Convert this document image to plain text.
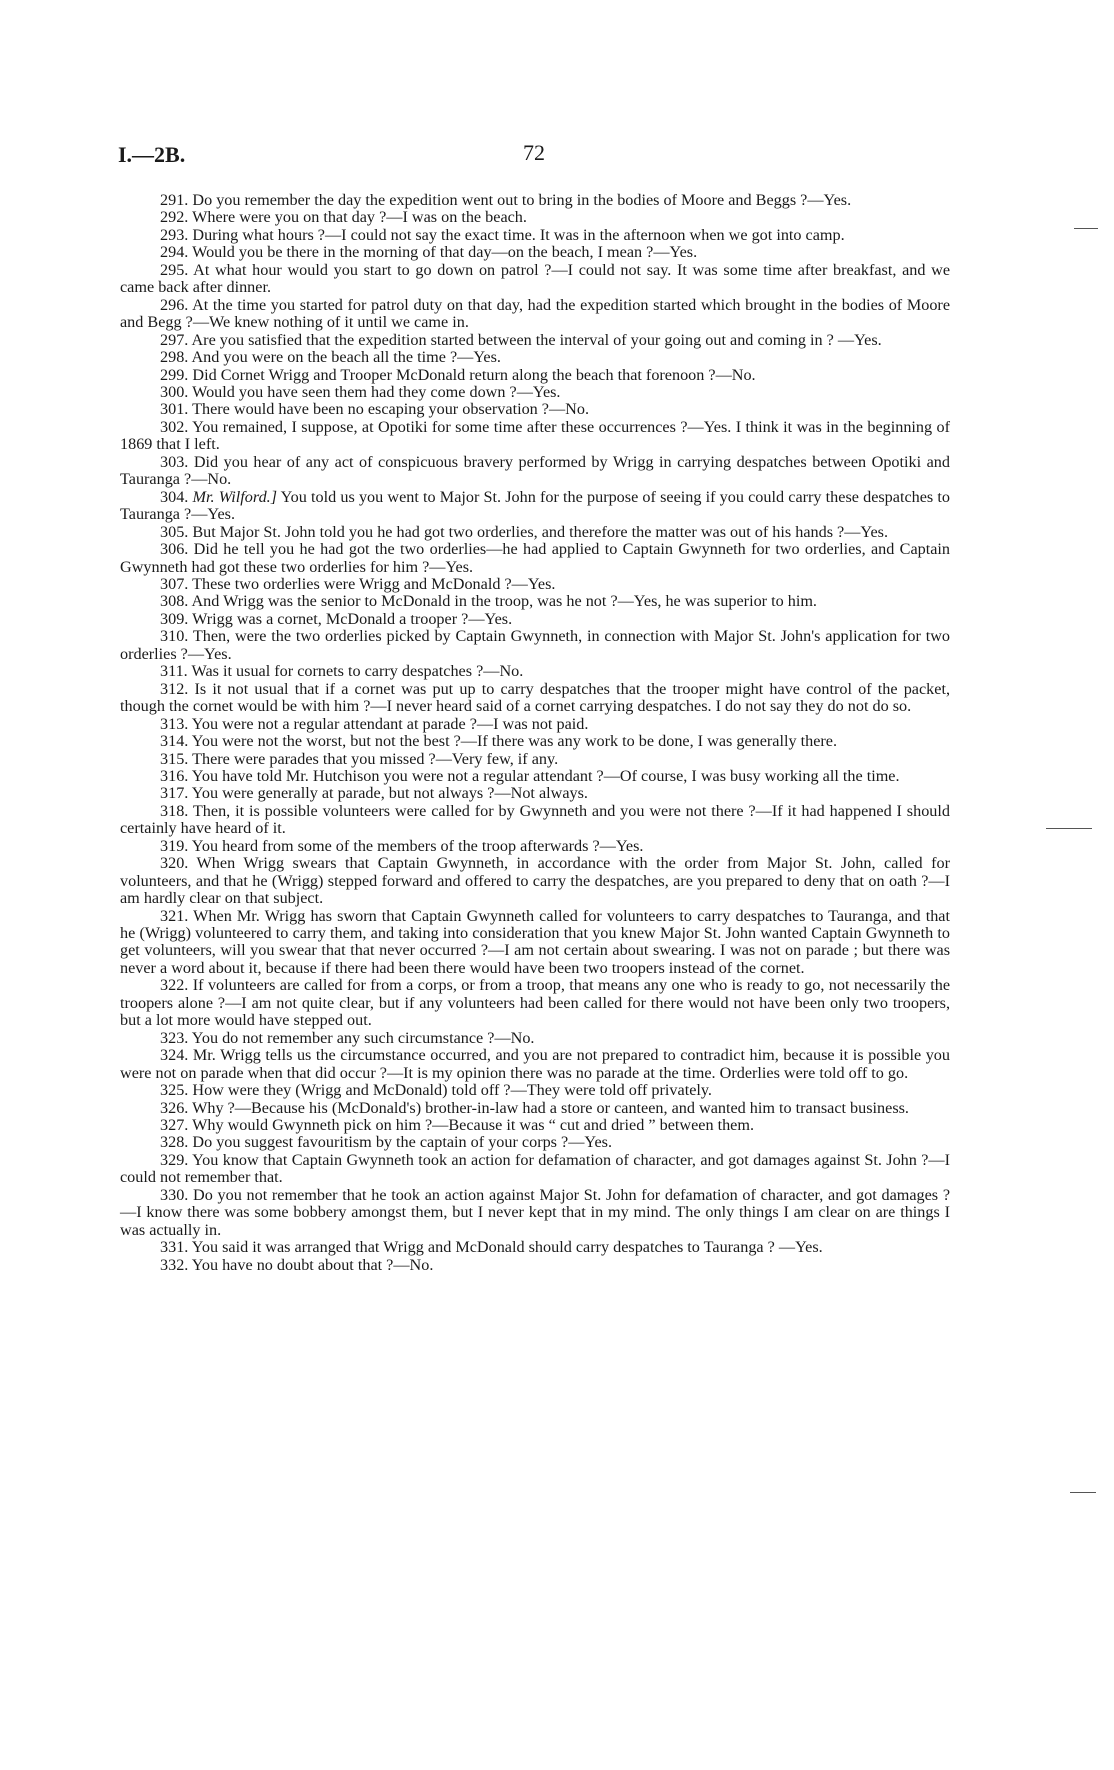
I.—2B.	72

291. Do you remember the day the expedition went out to bring in the bodies of Moore and Beggs ?—Yes.

292. Where were you on that day ?—I was on the beach.

293. During what hours ?—I could not say the exact time. It was in the afternoon when we got into camp.

294. Would you be there in the morning of that day—on the beach, I mean ?—Yes.

295. At what hour would you start to go down on patrol ?—I could not say. It was some time after breakfast, and we came back after dinner.

296. At the time you started for patrol duty on that day, had the expedition started which brought in the bodies of Moore and Begg ?—We knew nothing of it until we came in.

297. Are you satisfied that the expedition started between the interval of your going out and coming in ? —Yes.

298. And you were on the beach all the time ?—Yes.

299. Did Cornet Wrigg and Trooper McDonald return along the beach that forenoon ?—No.

300. Would you have seen them had they come down ?—Yes.

301. There would have been no escaping your observation ?—No.

302. You remained, I suppose, at Opotiki for some time after these occurrences ?—Yes. I think it was in the beginning of 1869 that I left.

303. Did you hear of any act of conspicuous bravery performed by Wrigg in carrying despatches between Opotiki and Tauranga ?—No.

304. Mr. Wilford.] You told us you went to Major St. John for the purpose of seeing if you could carry these despatches to Tauranga ?—Yes.

305. But Major St. John told you he had got two orderlies, and therefore the matter was out of his hands ?—Yes.

306. Did he tell you he had got the two orderlies—he had applied to Captain Gwynneth for two orderlies, and Captain Gwynneth had got these two orderlies for him ?—Yes.

307. These two orderlies were Wrigg and McDonald ?—Yes.

308. And Wrigg was the senior to McDonald in the troop, was he not ?—Yes, he was superior to him.

309. Wrigg was a cornet, McDonald a trooper ?—Yes.

310. Then, were the two orderlies picked by Captain Gwynneth, in connection with Major St. John's application for two orderlies ?—Yes.

311. Was it usual for cornets to carry despatches ?—No.

312. Is it not usual that if a cornet was put up to carry despatches that the trooper might have control of the packet, though the cornet would be with him ?—I never heard said of a cornet carrying despatches. I do not say they do not do so.

313. You were not a regular attendant at parade ?—I was not paid.

314. You were not the worst, but not the best ?—If there was any work to be done, I was generally there.

315. There were parades that you missed ?—Very few, if any.

316. You have told Mr. Hutchison you were not a regular attendant ?—Of course, I was busy working all the time.

317. You were generally at parade, but not always ?—Not always.

318. Then, it is possible volunteers were called for by Gwynneth and you were not there ?—If it had happened I should certainly have heard of it.

319. You heard from some of the members of the troop afterwards ?—Yes.

320. When Wrigg swears that Captain Gwynneth, in accordance with the order from Major St. John, called for volunteers, and that he (Wrigg) stepped forward and offered to carry the despatches, are you prepared to deny that on oath ?—I am hardly clear on that subject.

321. When Mr. Wrigg has sworn that Captain Gwynneth called for volunteers to carry despatches to Tauranga, and that he (Wrigg) volunteered to carry them, and taking into consideration that you knew Major St. John wanted Captain Gwynneth to get volunteers, will you swear that that never occurred ?—I am not certain about swearing. I was not on parade ; but there was never a word about it, because if there had been there would have been two troopers instead of the cornet.

322. If volunteers are called for from a corps, or from a troop, that means any one who is ready to go, not necessarily the troopers alone ?—I am not quite clear, but if any volunteers had been called for there would not have been only two troopers, but a lot more would have stepped out.

323. You do not remember any such circumstance ?—No.

324. Mr. Wrigg tells us the circumstance occurred, and you are not prepared to contradict him, because it is possible you were not on parade when that did occur ?—It is my opinion there was no parade at the time. Orderlies were told off to go.

325. How were they (Wrigg and McDonald) told off ?—They were told off privately.

326. Why ?—Because his (McDonald's) brother-in-law had a store or canteen, and wanted him to transact business.

327. Why would Gwynneth pick on him ?—Because it was “ cut and dried ” between them.

328. Do you suggest favouritism by the captain of your corps ?—Yes.

329. You know that Captain Gwynneth took an action for defamation of character, and got damages against St. John ?—I could not remember that.

330. Do you not remember that he took an action against Major St. John for defamation of character, and got damages ?—I know there was some bobbery amongst them, but I never kept that in my mind. The only things I am clear on are things I was actually in.

331. You said it was arranged that Wrigg and McDonald should carry despatches to Tauranga ? —Yes.

332. You have no doubt about that ?—No.
